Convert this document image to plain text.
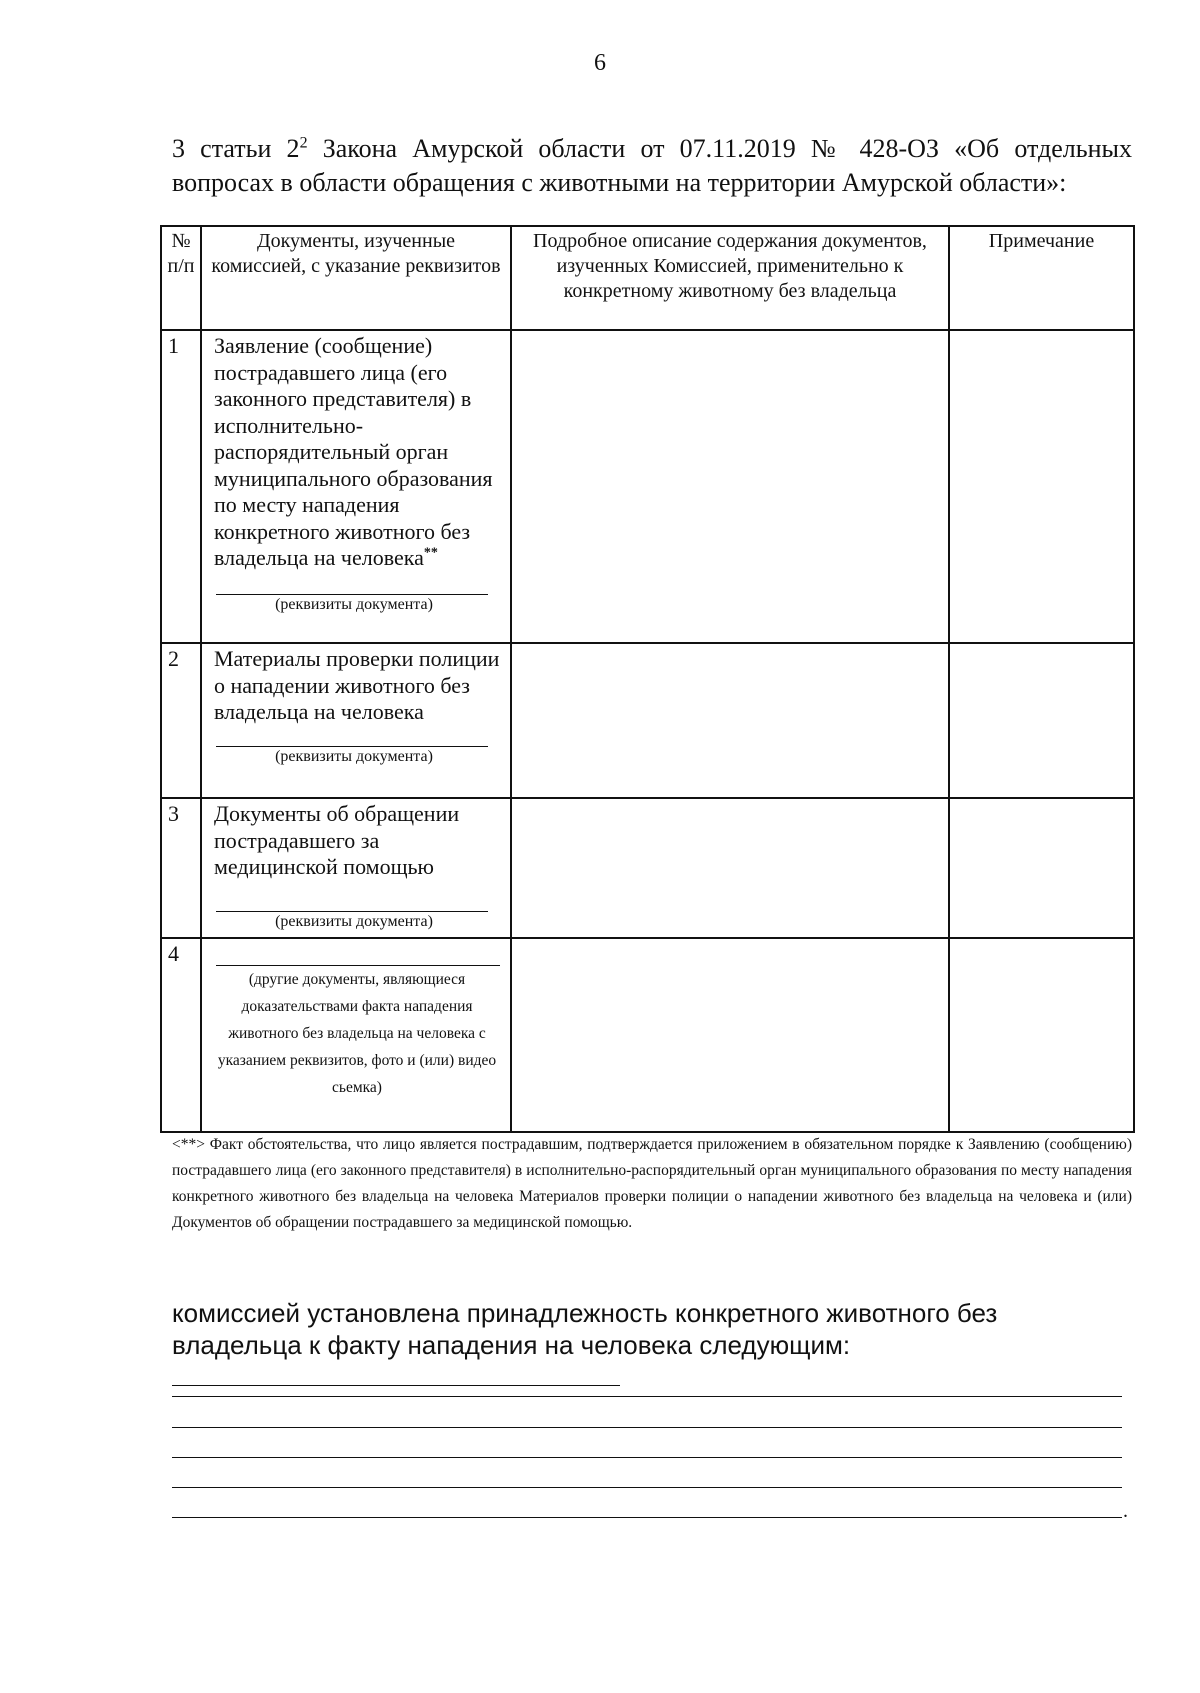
6
3 статьи $2^2$ Закона Амурской области от 07.11.2019 № 428-ОЗ «Об отдельных вопросах в области обращения с животными на территории Амурской области»:
№ п/п	Документы, изученные комиссией, с указание реквизитов	Подробное описание содержания документов, изученных Комиссией, применительно к конкретному животному без владельца	Примечание
1	Заявление (сообщение) пострадавшего лица (его законного представителя) в исполнительно-распорядительный орган муниципального образования по месту нападения конкретного животного без владельца на человека**
(реквизиты документа)		

2	Материалы проверки полиции о нападении животного без владельца на человека
(реквизиты документа)		

3	Документы об обращении пострадавшего за медицинской помощью
(реквизиты документа)		

4	(другие документы, являющиеся доказательствами факта нападения животного без владельца на человека с указанием реквизитов, фото и (или) видео сьемка)		

<**> Факт обстоятельства, что лицо является пострадавшим, подтверждается приложением в обязательном порядке к Заявлению (сообщению) пострадавшего лица (его законного представителя) в исполнительно-распорядительный орган муниципального образования по месту нападения конкретного животного без владельца на человека Материалов проверки полиции о нападении животного без владельца на человека и (или) Документов об обращении пострадавшего за медицинской помощью.
комиссией установлена принадлежность конкретного животного без владельца к факту нападения на человека следующим:
.
